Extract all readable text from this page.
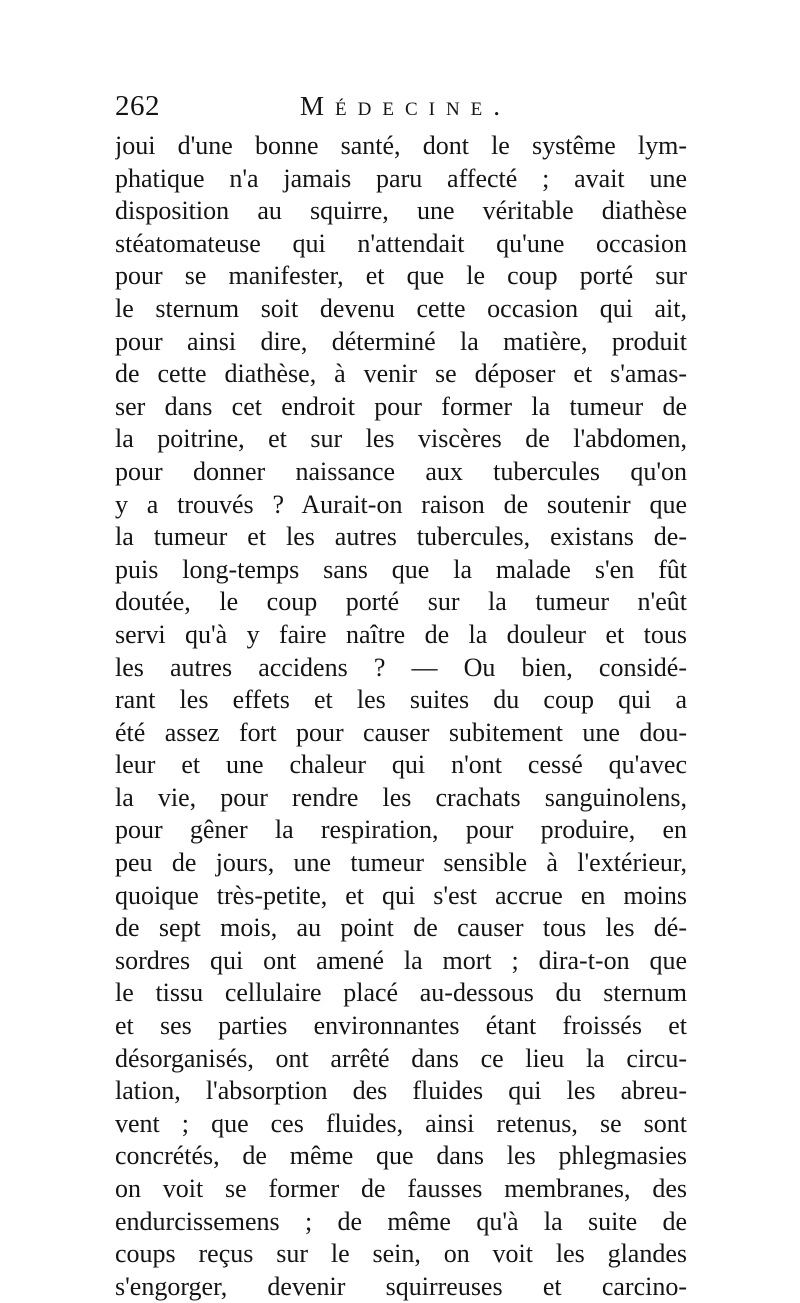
262	Médecine.
joui d'une bonne santé, dont le systême lym-
phatique n'a jamais paru affecté ; avait une
disposition au squirre, une véritable diathèse
stéatomateuse qui n'attendait qu'une occasion
pour se manifester, et que le coup porté sur
le sternum soit devenu cette occasion qui ait,
pour ainsi dire, déterminé la matière, produit
de cette diathèse, à venir se déposer et s'amas-
ser dans cet endroit pour former la tumeur de
la poitrine, et sur les viscères de l'abdomen,
pour donner naissance aux tubercules qu'on
y a trouvés ? Aurait-on raison de soutenir que
la tumeur et les autres tubercules, existans de-
puis long-temps sans que la malade s'en fût
doutée, le coup porté sur la tumeur n'eût
servi qu'à y faire naître de la douleur et tous
les autres accidens ? — Ou bien, considé-
rant les effets et les suites du coup qui a
été assez fort pour causer subitement une dou-
leur et une chaleur qui n'ont cessé qu'avec
la vie, pour rendre les crachats sanguinolens,
pour gêner la respiration, pour produire, en
peu de jours, une tumeur sensible à l'extérieur,
quoique très-petite, et qui s'est accrue en moins
de sept mois, au point de causer tous les dé-
sordres qui ont amené la mort ; dira-t-on que
le tissu cellulaire placé au-dessous du sternum
et ses parties environnantes étant froissés et
désorganisés, ont arrêté dans ce lieu la circu-
lation, l'absorption des fluides qui les abreu-
vent ; que ces fluides, ainsi retenus, se sont
concrétés, de même que dans les phlegmasies
on voit se former de fausses membranes, des
endurcissemens ; de même qu'à la suite de
coups reçus sur le sein, on voit les glandes
s'engorger, devenir squirreuses et carcino-
